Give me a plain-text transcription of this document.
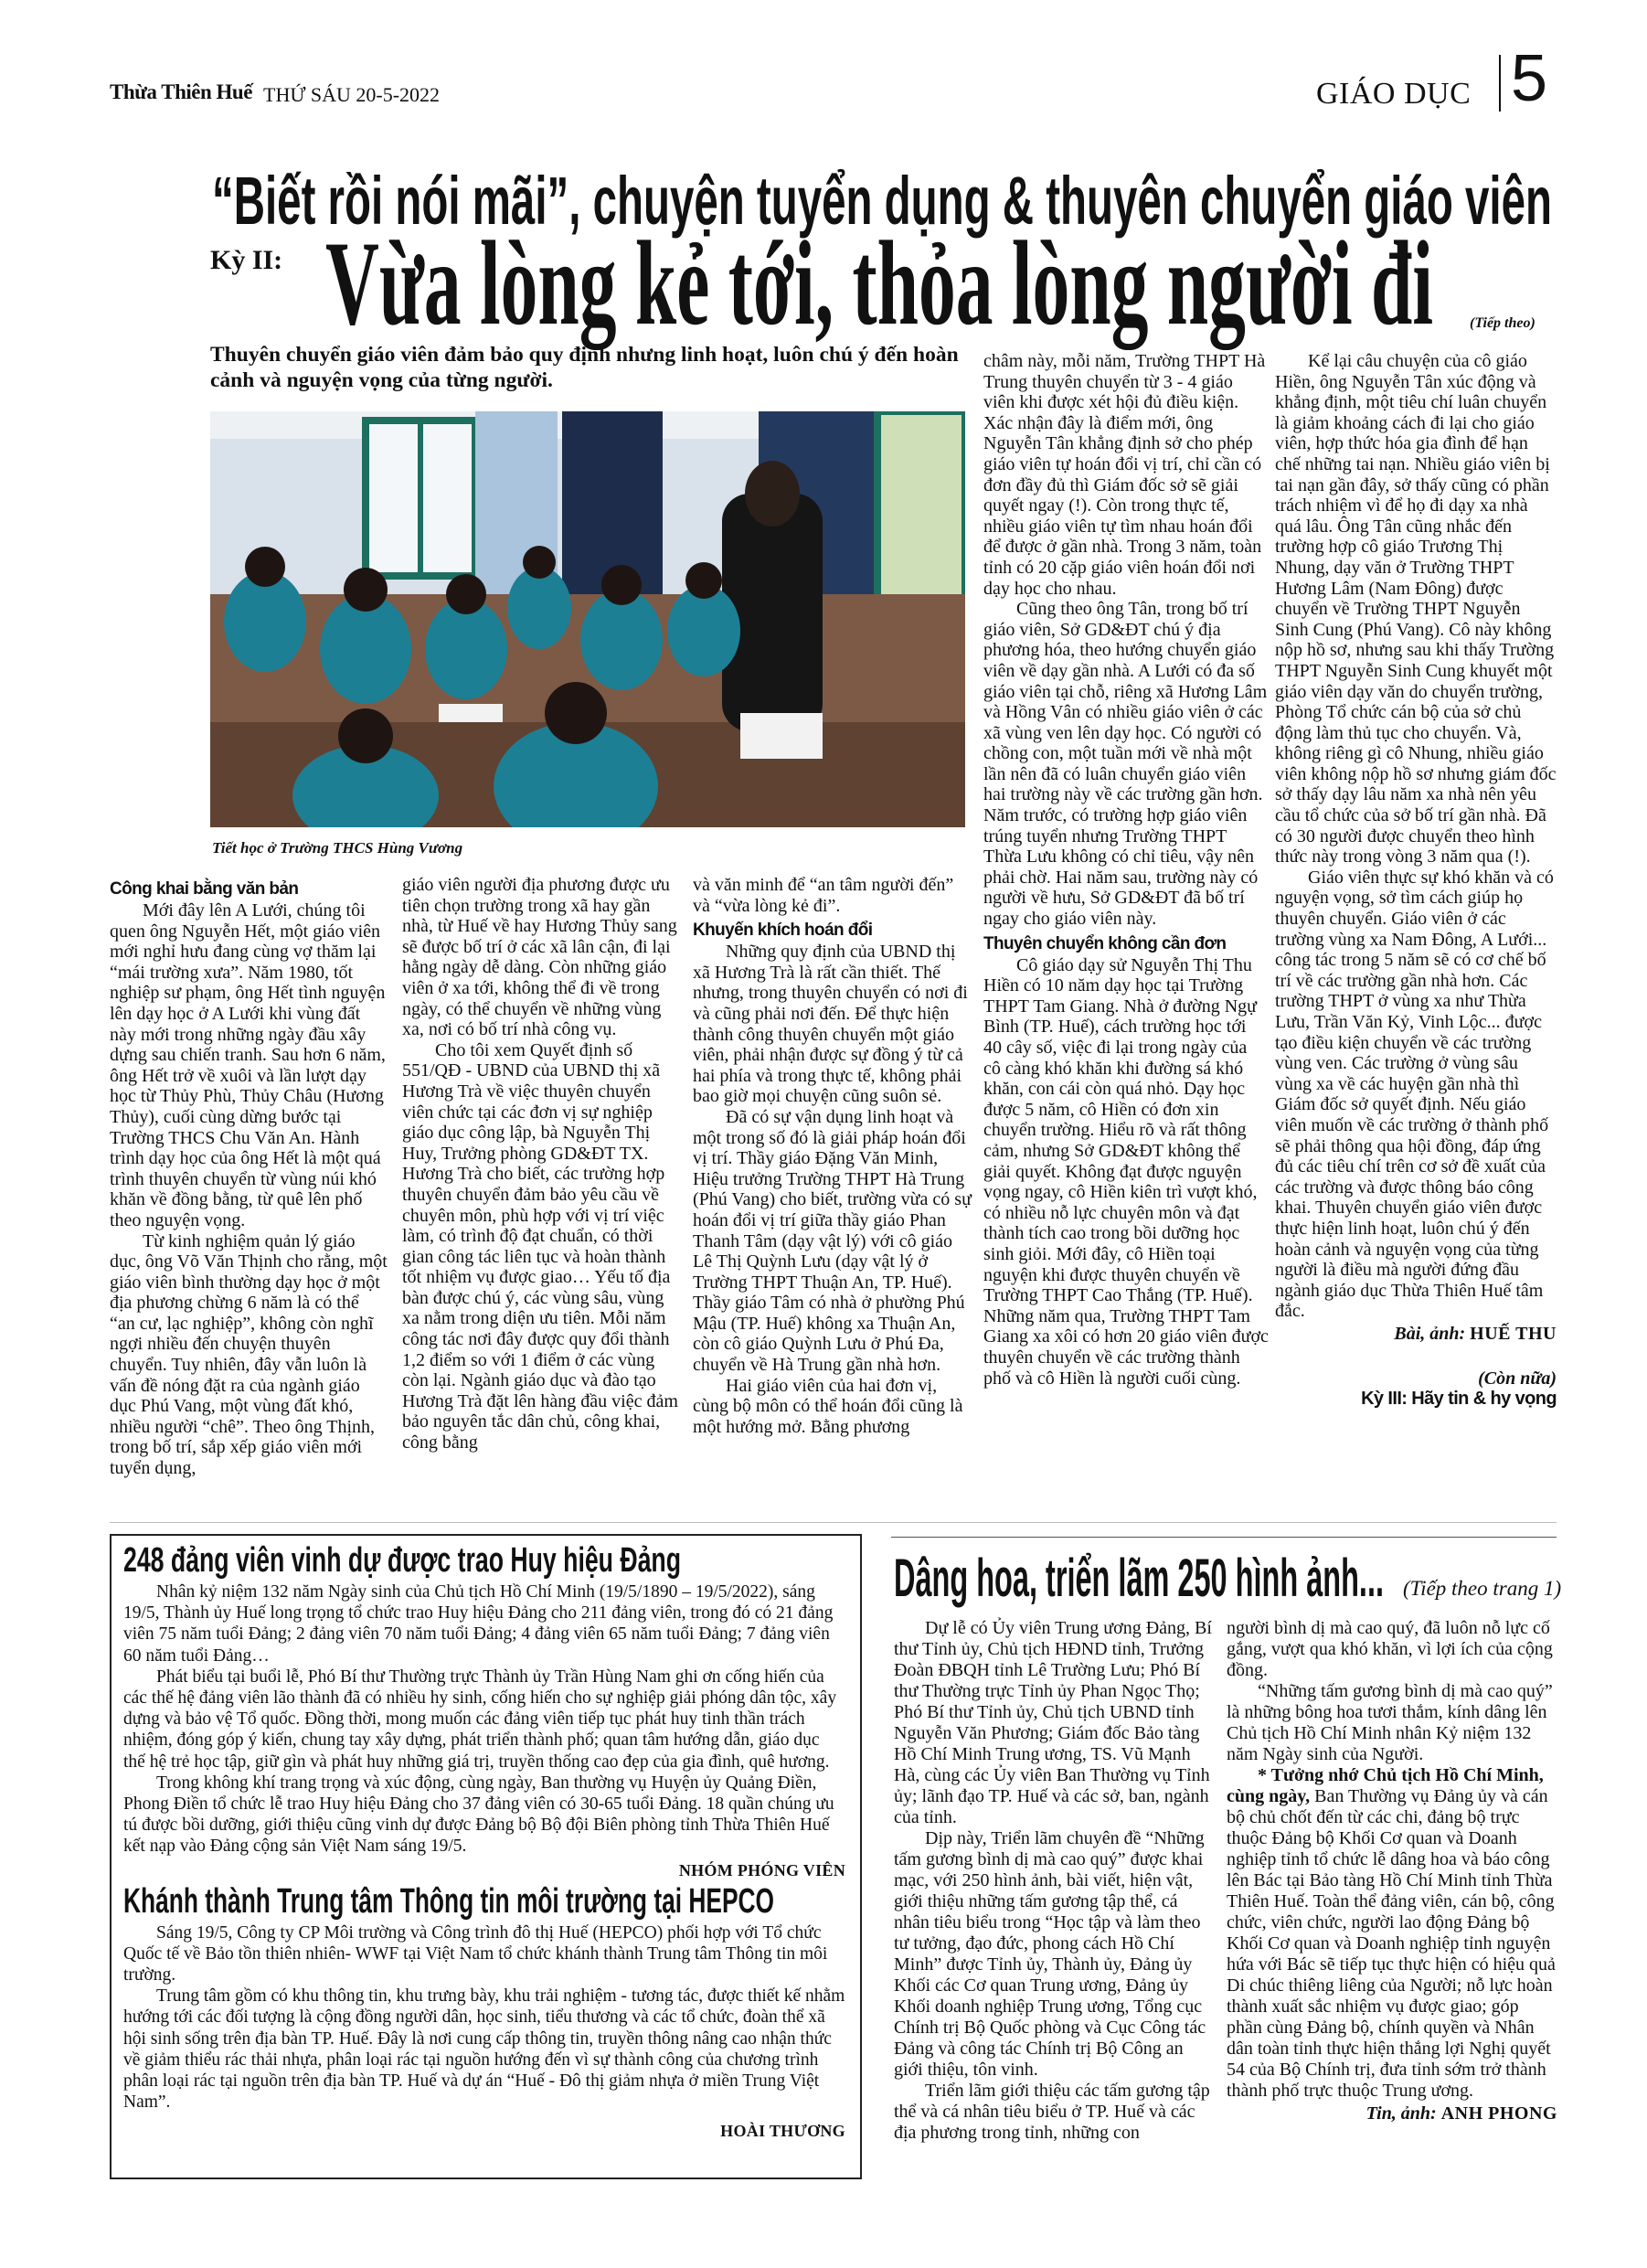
Thừa Thiên Huế THỨ SÁU 20-5-2022	GIÁO DỤC 5
“Biết rồi nói mãi”, chuyện tuyển dụng & thuyên chuyển giáo viên
Kỳ II: Vừa lòng kẻ tới, thỏa lòng người đi	(Tiếp theo)
Thuyên chuyển giáo viên đảm bảo quy định nhưng linh hoạt, luôn chú ý đến hoàn cảnh và nguyện vọng của từng người.
Tiết học ở Trường THCS Hùng Vương
Công khai bằng văn bản

Mới đây lên A Lưới, chúng tôi quen ông Nguyễn Hết, một giáo viên mới nghỉ hưu đang cùng vợ thăm lại “mái trường xưa”. Năm 1980, tốt nghiệp sư phạm, ông Hết tình nguyện lên dạy học ở A Lưới khi vùng đất này mới trong những ngày đầu xây dựng sau chiến tranh. Sau hơn 6 năm, ông Hết trở về xuôi và lần lượt dạy học từ Thủy Phù, Thủy Châu (Hương Thủy), cuối cùng dừng bước tại Trường THCS Chu Văn An. Hành trình dạy học của ông Hết là một quá trình thuyên chuyển từ vùng núi khó khăn về đồng bằng, từ quê lên phố theo nguyện vọng.

Từ kinh nghiệm quản lý giáo dục, ông Võ Văn Thịnh cho rằng, một giáo viên bình thường dạy học ở một địa phương chừng 6 năm là có thể “an cư, lạc nghiệp”, không còn nghĩ ngợi nhiều đến chuyện thuyên chuyển. Tuy nhiên, đây vẫn luôn là vấn đề nóng đặt ra của ngành giáo dục Phú Vang, một vùng đất khó, nhiều người “chê”. Theo ông Thịnh, trong bố trí, sắp xếp giáo viên mới tuyển dụng,

giáo viên người địa phương được ưu tiên chọn trường trong xã hay gần nhà, từ Huế về hay Hương Thủy sang sẽ được bố trí ở các xã lân cận, đi lại hằng ngày dễ dàng. Còn những giáo viên ở xa tới, không thể đi về trong ngày, có thể chuyển về những vùng xa, nơi có bố trí nhà công vụ.

Cho tôi xem Quyết định số 551/QĐ - UBND của UBND thị xã Hương Trà về việc thuyên chuyển viên chức tại các đơn vị sự nghiệp giáo dục công lập, bà Nguyễn Thị Huy, Trưởng phòng GD&ĐT TX. Hương Trà cho biết, các trường hợp thuyên chuyển đảm bảo yêu cầu về chuyên môn, phù hợp với vị trí việc làm, có trình độ đạt chuẩn, có thời gian công tác liên tục và hoàn thành tốt nhiệm vụ được giao… Yếu tố địa bàn được chú ý, các vùng sâu, vùng xa nằm trong diện ưu tiên. Mỗi năm công tác nơi đây được quy đổi thành 1,2 điểm so với 1 điểm ở các vùng còn lại. Ngành giáo dục và đào tạo Hương Trà đặt lên hàng đầu việc đảm bảo nguyên tắc dân chủ, công khai, công bằng

và văn minh để “an tâm người đến” và “vừa lòng kẻ đi”.

Khuyến khích hoán đổi

Những quy định của UBND thị xã Hương Trà là rất cần thiết. Thế nhưng, trong thuyên chuyển có nơi đi và cũng phải nơi đến. Để thực hiện thành công thuyên chuyển một giáo viên, phải nhận được sự đồng ý từ cả hai phía và trong thực tế, không phải bao giờ mọi chuyện cũng suôn sẻ.

Đã có sự vận dụng linh hoạt và một trong số đó là giải pháp hoán đổi vị trí. Thầy giáo Đặng Văn Minh, Hiệu trưởng Trường THPT Hà Trung (Phú Vang) cho biết, trường vừa có sự hoán đổi vị trí giữa thầy giáo Phan Thanh Tâm (dạy vật lý) với cô giáo Lê Thị Quỳnh Lưu (dạy vật lý ở Trường THPT Thuận An, TP. Huế). Thầy giáo Tâm có nhà ở phường Phú Mậu (TP. Huế) không xa Thuận An, còn cô giáo Quỳnh Lưu ở Phú Đa, chuyển về Hà Trung gần nhà hơn.

Hai giáo viên của hai đơn vị, cùng bộ môn có thể hoán đổi cũng là một hướng mở. Bằng phương

châm này, mỗi năm, Trường THPT Hà Trung thuyên chuyển từ 3 - 4 giáo viên khi được xét hội đủ điều kiện. Xác nhận đây là điểm mới, ông Nguyễn Tân khẳng định sở cho phép giáo viên tự hoán đổi vị trí, chỉ cần có đơn đầy đủ thì Giám đốc sở sẽ giải quyết ngay (!). Còn trong thực tế, nhiều giáo viên tự tìm nhau hoán đổi để được ở gần nhà. Trong 3 năm, toàn tỉnh có 20 cặp giáo viên hoán đổi nơi dạy học cho nhau.

Cũng theo ông Tân, trong bố trí giáo viên, Sở GD&ĐT chú ý địa phương hóa, theo hướng chuyển giáo viên về dạy gần nhà. A Lưới có đa số giáo viên tại chỗ, riêng xã Hương Lâm và Hồng Vân có nhiều giáo viên ở các xã vùng ven lên dạy học. Có người có chồng con, một tuần mới về nhà một lần nên đã có luân chuyển giáo viên hai trường này về các trường gần hơn. Năm trước, có trường hợp giáo viên trúng tuyển nhưng Trường THPT Thừa Lưu không có chỉ tiêu, vậy nên phải chờ. Hai năm sau, trường này có người về hưu, Sở GD&ĐT đã bố trí ngay cho giáo viên này.

Thuyên chuyển không cần đơn

Cô giáo dạy sử Nguyễn Thị Thu Hiền có 10 năm dạy học tại Trường THPT Tam Giang. Nhà ở đường Ngự Bình (TP. Huế), cách trường học tới 40 cây số, việc đi lại trong ngày của cô càng khó khăn khi đường sá khó khăn, con cái còn quá nhỏ. Dạy học được 5 năm, cô Hiền có đơn xin chuyển trường. Hiểu rõ và rất thông cảm, nhưng Sở GD&ĐT không thể giải quyết. Không đạt được nguyện vọng ngay, cô Hiền kiên trì vượt khó, có nhiều nỗ lực chuyên môn và đạt thành tích cao trong bồi dưỡng học sinh giỏi. Mới đây, cô Hiền toại nguyện khi được thuyên chuyển về Trường THPT Cao Thắng (TP. Huế). Những năm qua, Trường THPT Tam Giang xa xôi có hơn 20 giáo viên được thuyên chuyển về các trường thành phố và cô Hiền là người cuối cùng.

Kể lại câu chuyện của cô giáo Hiền, ông Nguyễn Tân xúc động và khẳng định, một tiêu chí luân chuyển là giảm khoảng cách đi lại cho giáo viên, hợp thức hóa gia đình để hạn chế những tai nạn. Nhiều giáo viên bị tai nạn gần đây, sở thấy cũng có phần trách nhiệm vì để họ đi dạy xa nhà quá lâu. Ông Tân cũng nhắc đến trường hợp cô giáo Trương Thị Nhung, dạy văn ở Trường THPT Hương Lâm (Nam Đông) được chuyển về Trường THPT Nguyễn Sinh Cung (Phú Vang). Cô này không nộp hồ sơ, nhưng sau khi thấy Trường THPT Nguyễn Sinh Cung khuyết một giáo viên dạy văn do chuyển trường, Phòng Tổ chức cán bộ của sở chủ động làm thủ tục cho chuyển. Và, không riêng gì cô Nhung, nhiều giáo viên không nộp hồ sơ nhưng giám đốc sở thấy dạy lâu năm xa nhà nên yêu cầu tổ chức của sở bố trí gần nhà. Đã có 30 người được chuyển theo hình thức này trong vòng 3 năm qua (!).

Giáo viên thực sự khó khăn và có nguyện vọng, sở tìm cách giúp họ thuyên chuyển. Giáo viên ở các trường vùng xa Nam Đông, A Lưới... công tác trong 5 năm sẽ có cơ chế bố trí về các trường gần nhà hơn. Các trường THPT ở vùng xa như Thừa Lưu, Trần Văn Kỷ, Vinh Lộc... được tạo điều kiện chuyển về các trường vùng ven. Các trường ở vùng sâu vùng xa về các huyện gần nhà thì Giám đốc sở quyết định. Nếu giáo viên muốn về các trường ở thành phố sẽ phải thông qua hội đồng, đáp ứng đủ các tiêu chí trên cơ sở đề xuất của các trường và được thông báo công khai. Thuyên chuyển giáo viên được thực hiện linh hoạt, luôn chú ý đến hoàn cảnh và nguyện vọng của từng người là điều mà người đứng đầu ngành giáo dục Thừa Thiên Huế tâm đắc.

Bài, ảnh: HUẾ THU
(Còn nữa)
Kỳ III: Hãy tin & hy vọng
248 đảng viên vinh dự được trao Huy hiệu Đảng

Nhân kỷ niệm 132 năm Ngày sinh của Chủ tịch Hồ Chí Minh (19/5/1890 – 19/5/2022), sáng 19/5, Thành ủy Huế long trọng tổ chức trao Huy hiệu Đảng cho 211 đảng viên, trong đó có 21 đảng viên 75 năm tuổi Đảng; 2 đảng viên 70 năm tuổi Đảng; 4 đảng viên 65 năm tuổi Đảng; 7 đảng viên 60 năm tuổi Đảng…

Phát biểu tại buổi lễ, Phó Bí thư Thường trực Thành ủy Trần Hùng Nam ghi ơn cống hiến của các thế hệ đảng viên lão thành đã có nhiều hy sinh, cống hiến cho sự nghiệp giải phóng dân tộc, xây dựng và bảo vệ Tổ quốc. Đồng thời, mong muốn các đảng viên tiếp tục phát huy tinh thần trách nhiệm, đóng góp ý kiến, chung tay xây dựng, phát triển thành phố; quan tâm hướng dẫn, giáo dục thế hệ trẻ học tập, giữ gìn và phát huy những giá trị, truyền thống cao đẹp của gia đình, quê hương.

Trong không khí trang trọng và xúc động, cùng ngày, Ban thường vụ Huyện ủy Quảng Điền, Phong Điền tổ chức lễ trao Huy hiệu Đảng cho 37 đảng viên có 30-65 tuổi Đảng. 18 quần chúng ưu tú được bồi dưỡng, giới thiệu cũng vinh dự được Đảng bộ Bộ đội Biên phòng tỉnh Thừa Thiên Huế kết nạp vào Đảng cộng sản Việt Nam sáng 19/5.

NHÓM PHÓNG VIÊN
Khánh thành Trung tâm Thông tin môi trường tại HEPCO

Sáng 19/5, Công ty CP Môi trường và Công trình đô thị Huế (HEPCO) phối hợp với Tổ chức Quốc tế về Bảo tồn thiên nhiên- WWF tại Việt Nam tổ chức khánh thành Trung tâm Thông tin môi trường.

Trung tâm gồm có khu thông tin, khu trưng bày, khu trải nghiệm - tương tác, được thiết kế nhằm hướng tới các đối tượng là cộng đồng người dân, học sinh, tiểu thương và các tổ chức, đoàn thể xã hội sinh sống trên địa bàn TP. Huế. Đây là nơi cung cấp thông tin, truyền thông nâng cao nhận thức về giảm thiểu rác thải nhựa, phân loại rác tại nguồn hướng đến vì sự thành công của chương trình phân loại rác tại nguồn trên địa bàn TP. Huế và dự án “Huế - Đô thị giảm nhựa ở miền Trung Việt Nam”.

HOÀI THƯƠNG
Dâng hoa, triển lãm 250 hình ảnh... (Tiếp theo trang 1)

Dự lễ có Ủy viên Trung ương Đảng, Bí thư Tỉnh ủy, Chủ tịch HĐND tỉnh, Trưởng Đoàn ĐBQH tỉnh Lê Trường Lưu; Phó Bí thư Thường trực Tỉnh ủy Phan Ngọc Thọ; Phó Bí thư Tỉnh ủy, Chủ tịch UBND tỉnh Nguyễn Văn Phương; Giám đốc Bảo tàng Hồ Chí Minh Trung ương, TS. Vũ Mạnh Hà, cùng các Ủy viên Ban Thường vụ Tỉnh ủy; lãnh đạo TP. Huế và các sở, ban, ngành của tỉnh.

Dịp này, Triển lãm chuyên đề “Những tấm gương bình dị mà cao quý” được khai mạc, với 250 hình ảnh, bài viết, hiện vật, giới thiệu những tấm gương tập thể, cá nhân tiêu biểu trong “Học tập và làm theo tư tưởng, đạo đức, phong cách Hồ Chí Minh” được Tỉnh ủy, Thành ủy, Đảng ủy Khối các Cơ quan Trung ương, Đảng ủy Khối doanh nghiệp Trung ương, Tổng cục Chính trị Bộ Quốc phòng và Cục Công tác Đảng và công tác Chính trị Bộ Công an giới thiệu, tôn vinh.

Triển lãm giới thiệu các tấm gương tập thể và cá nhân tiêu biểu ở TP. Huế và các địa phương trong tỉnh, những con

người bình dị mà cao quý, đã luôn nỗ lực cố gắng, vượt qua khó khăn, vì lợi ích của cộng đồng.

“Những tấm gương bình dị mà cao quý” là những bông hoa tươi thắm, kính dâng lên Chủ tịch Hồ Chí Minh nhân Kỷ niệm 132 năm Ngày sinh của Người.

* Tưởng nhớ Chủ tịch Hồ Chí Minh, cùng ngày, Ban Thường vụ Đảng ủy và cán bộ chủ chốt đến từ các chi, đảng bộ trực thuộc Đảng bộ Khối Cơ quan và Doanh nghiệp tỉnh tổ chức lễ dâng hoa và báo công lên Bác tại Bảo tàng Hồ Chí Minh tỉnh Thừa Thiên Huế. Toàn thể đảng viên, cán bộ, công chức, viên chức, người lao động Đảng bộ Khối Cơ quan và Doanh nghiệp tỉnh nguyện hứa với Bác sẽ tiếp tục thực hiện có hiệu quả Di chúc thiêng liêng của Người; nỗ lực hoàn thành xuất sắc nhiệm vụ được giao; góp phần cùng Đảng bộ, chính quyền và Nhân dân toàn tỉnh thực hiện thắng lợi Nghị quyết 54 của Bộ Chính trị, đưa tỉnh sớm trở thành thành phố trực thuộc Trung ương.

Tin, ảnh: ANH PHONG
